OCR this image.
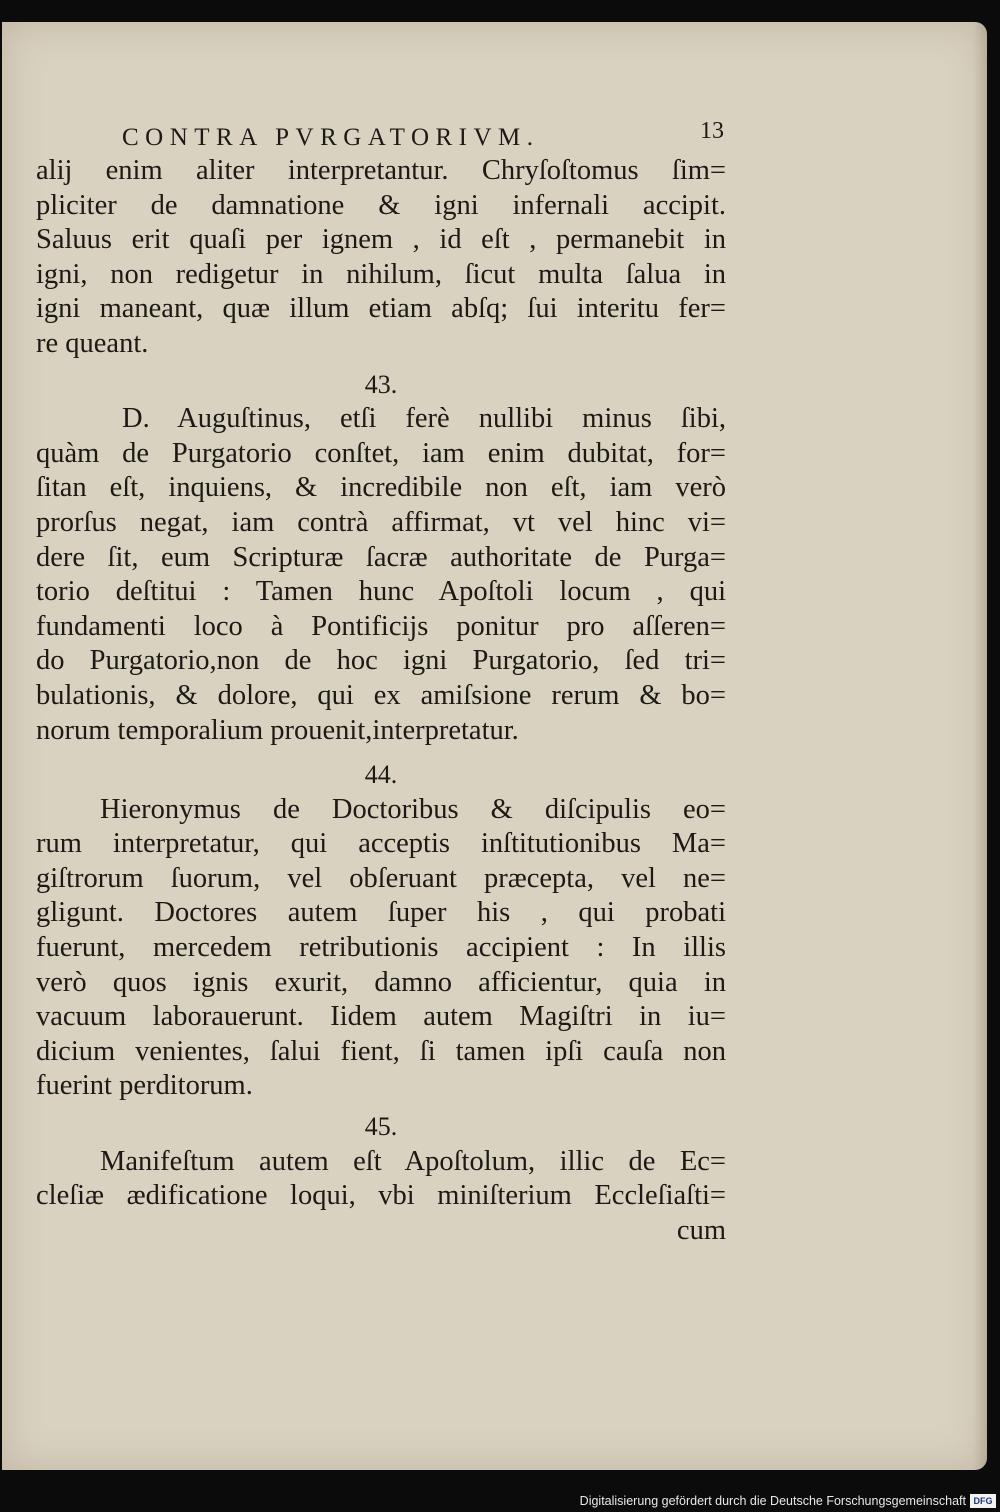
CONTRA PVRGATORIVM.	13
alĳ enim aliter interpretantur. Chryſoſtomus ſim=
pliciter de damnatione & igni infernali accipit.
Saluus erit quaſi per ignem , id eſt , permanebit in
igni, non redigetur in nihilum, ſicut multa ſalua in
igni maneant, quæ illum etiam abſq; ſui interitu fer=
re queant.
43.
D. Auguſtinus, etſi ferè nullibi minus ſibi,
quàm de Purgatorio conſtet, iam enim dubitat, for=
ſitan eſt, inquiens, & incredibile non eſt, iam verò
prorſus negat, iam contrà affirmat, vt vel hinc vi=
dere ſit, eum Scripturæ ſacræ authoritate de Purga=
torio deſtitui : Tamen hunc Apoſtoli locum , qui
fundamenti loco à Pontificĳs ponitur pro aſſeren=
do Purgatorio,non de hoc igni Purgatorio, ſed tri=
bulationis, & dolore, qui ex amiſsione rerum & bo=
norum temporalium prouenit,interpretatur.
44.
Hieronymus de Doctoribus & diſcipulis eo=
rum interpretatur, qui acceptis inſtitutionibus Ma=
giſtrorum ſuorum, vel obſeruant præcepta, vel ne=
gligunt. Doctores autem ſuper his , qui probati
fuerunt, mercedem retributionis accipient : In illis
verò quos ignis exurit, damno afficientur, quia in
vacuum laborauerunt. Iidem autem Magiſtri in iu=
dicium venientes, ſalui fient, ſi tamen ipſi cauſa non
fuerint perditorum.
45.
Manifeſtum autem eſt Apoſtolum, illic de Ec=
cleſiæ ædificatione loqui, vbi miniſterium Eccleſiaſti=
cum
Digitalisierung gefördert durch die Deutsche Forschungsgemeinschaft DFG
